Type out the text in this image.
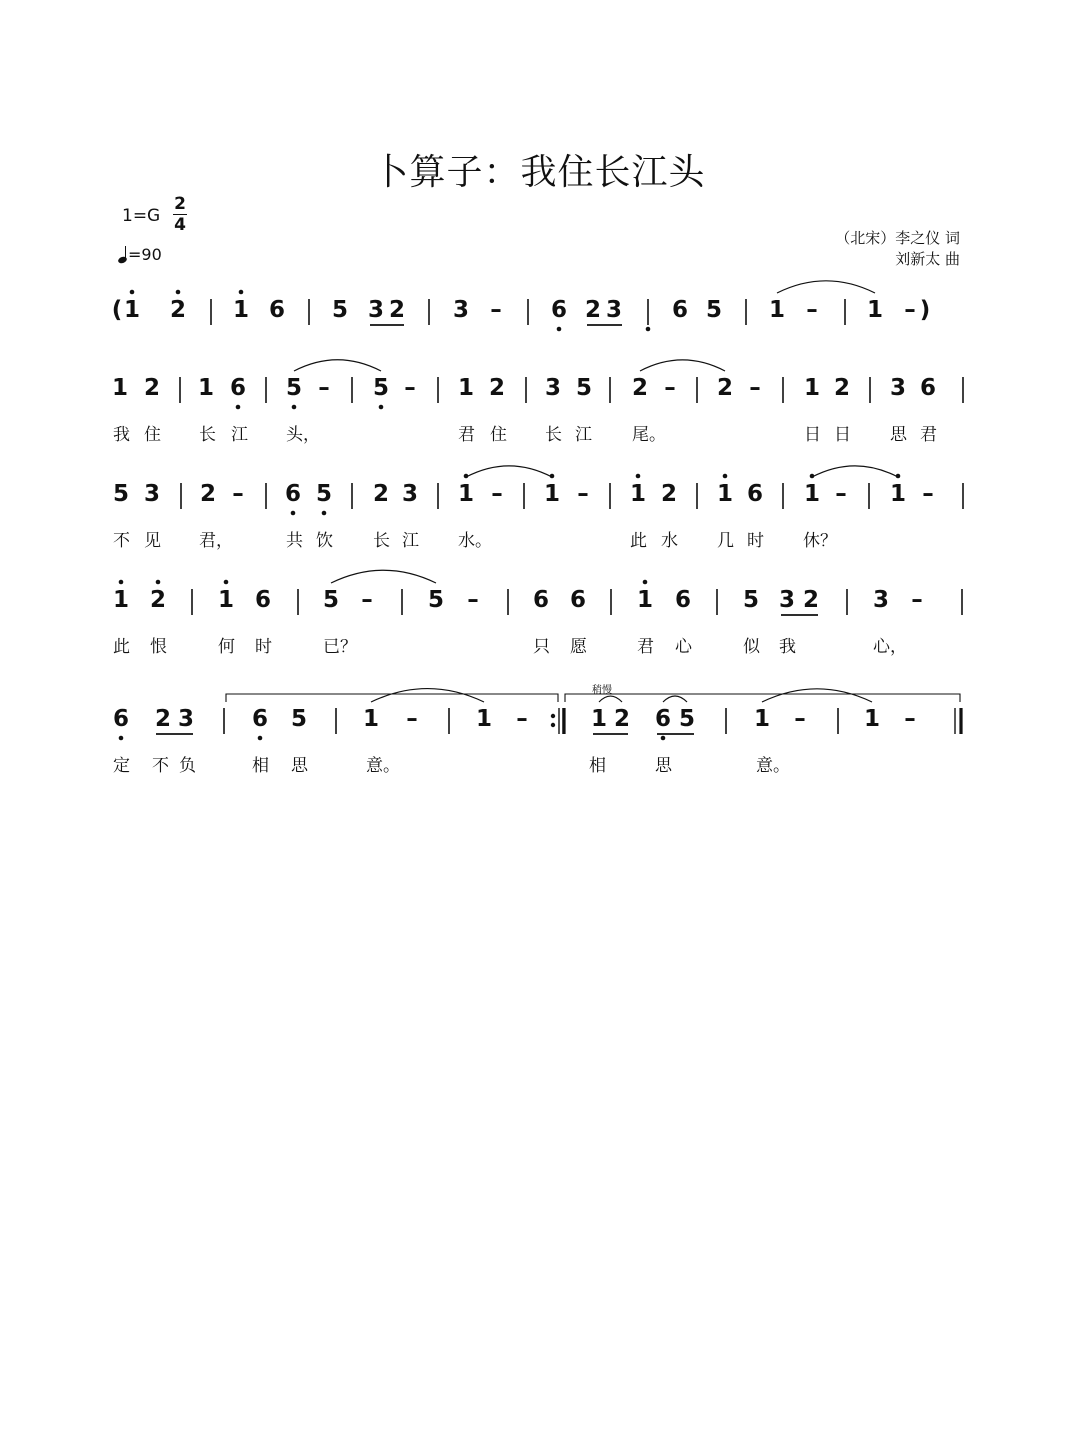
卜算子：我住长江头
1=G
2
4
=90
（北宋）李之仪 词
刘新太 曲
( 1 2 1 6 5 3 2 3 – 6 2 3 6 5 1 – 1 – )
1 2 1 6 5 – 5 – 1 2 3 5 2 – 2 – 1 2 3 6
我 住 长 江 头，	君 住 长 江 尾。	日 日 思 君
5 3 2 – 6 5 2 3 1 – 1 – 1 2 1 6 1 – 1 –
不 见 君，	共 饮 长 江 水。	此 水 几 时 休？
1 2 1 6 5 – 5 – 6 6 1 6 5 3 2 3 –
此 恨	何 时	已？	只 愿	君 心	似 我	心，
6 2 3	6 5 1 –	1 –	1 2 6 5	1 –	1 –
定 不 负	相 思	意。	相	思	意。
稍慢
